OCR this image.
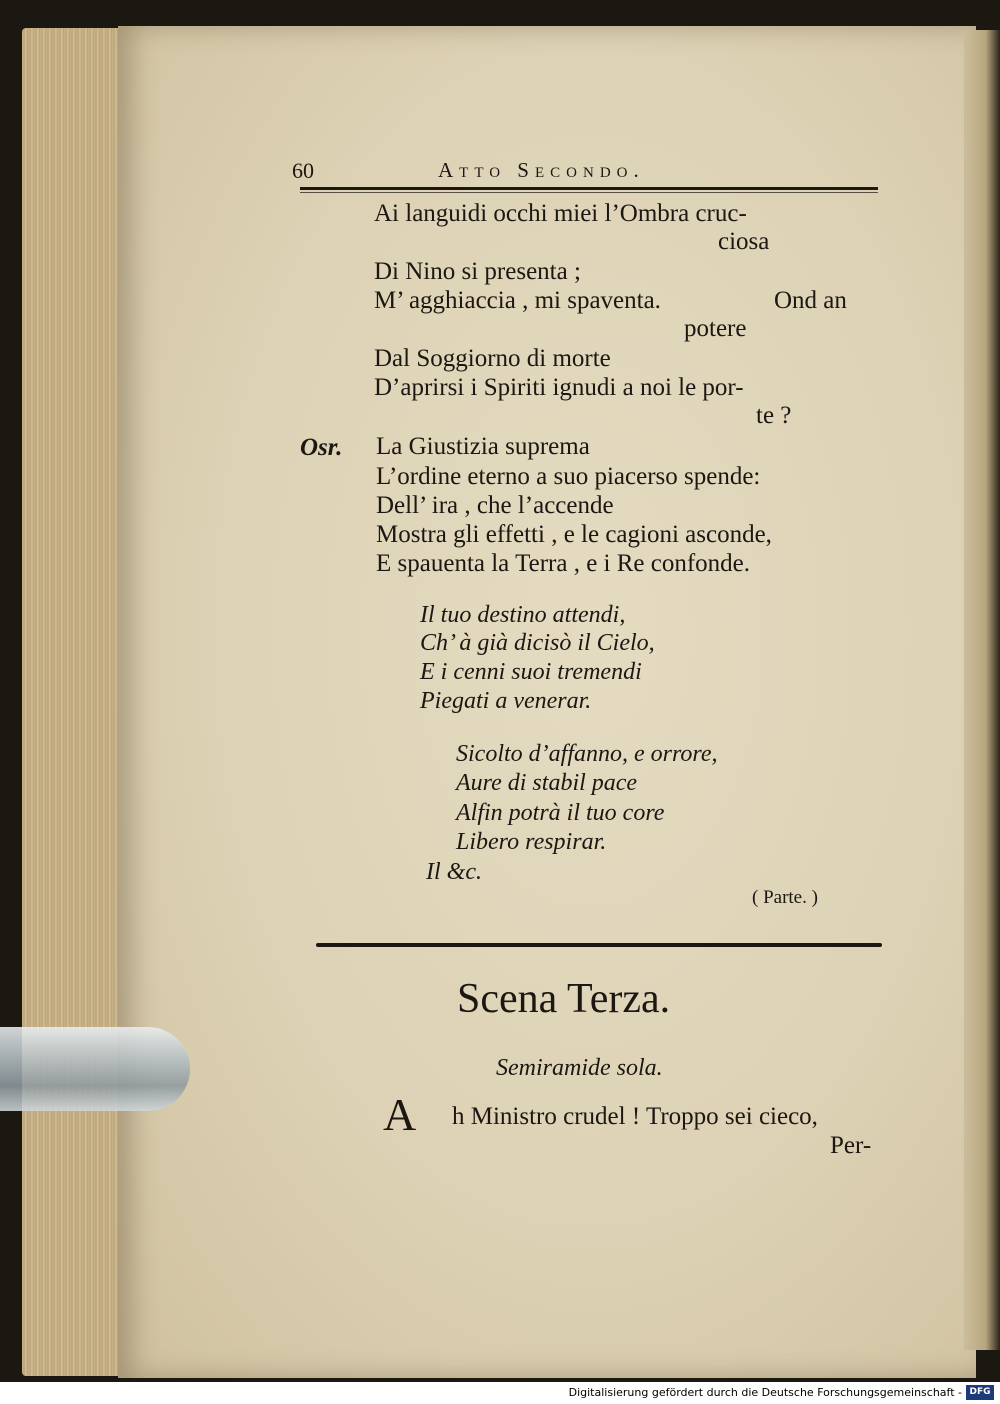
60	Atto Secondo.
Ai languidi occhi miei l’Ombra cruc-
ciosa
Di Nino si presenta ;
M’ agghiaccia , mi spaventa.	Ond an
potere
Dal Soggiorno di morte
D’aprirsi i Spiriti ignudi a noi le por-
te ?
Osr. La Giustizia suprema
L’ordine eterno a suo piacerso spende:
Dell’ ira , che l’accende
Mostra gli effetti , e le cagioni asconde,
E spauenta la Terra , e i Re confonde.
Il tuo destino attendi,
Ch’ à già dicisò il Cielo,
E i cenni suoi tremendi
Piegati a venerar.
Sicolto d’affanno, e orrore,
Aure di stabil pace
Alfin potrà il tuo core
Libero respirar.
Il &c.
( Parte. )
Scena Terza.
Semiramide sola.
A h Ministro crudel ! Troppo sei cieco,
Per-
Digitalisierung gefördert durch die Deutsche Forschungsgemeinschaft - DFG
